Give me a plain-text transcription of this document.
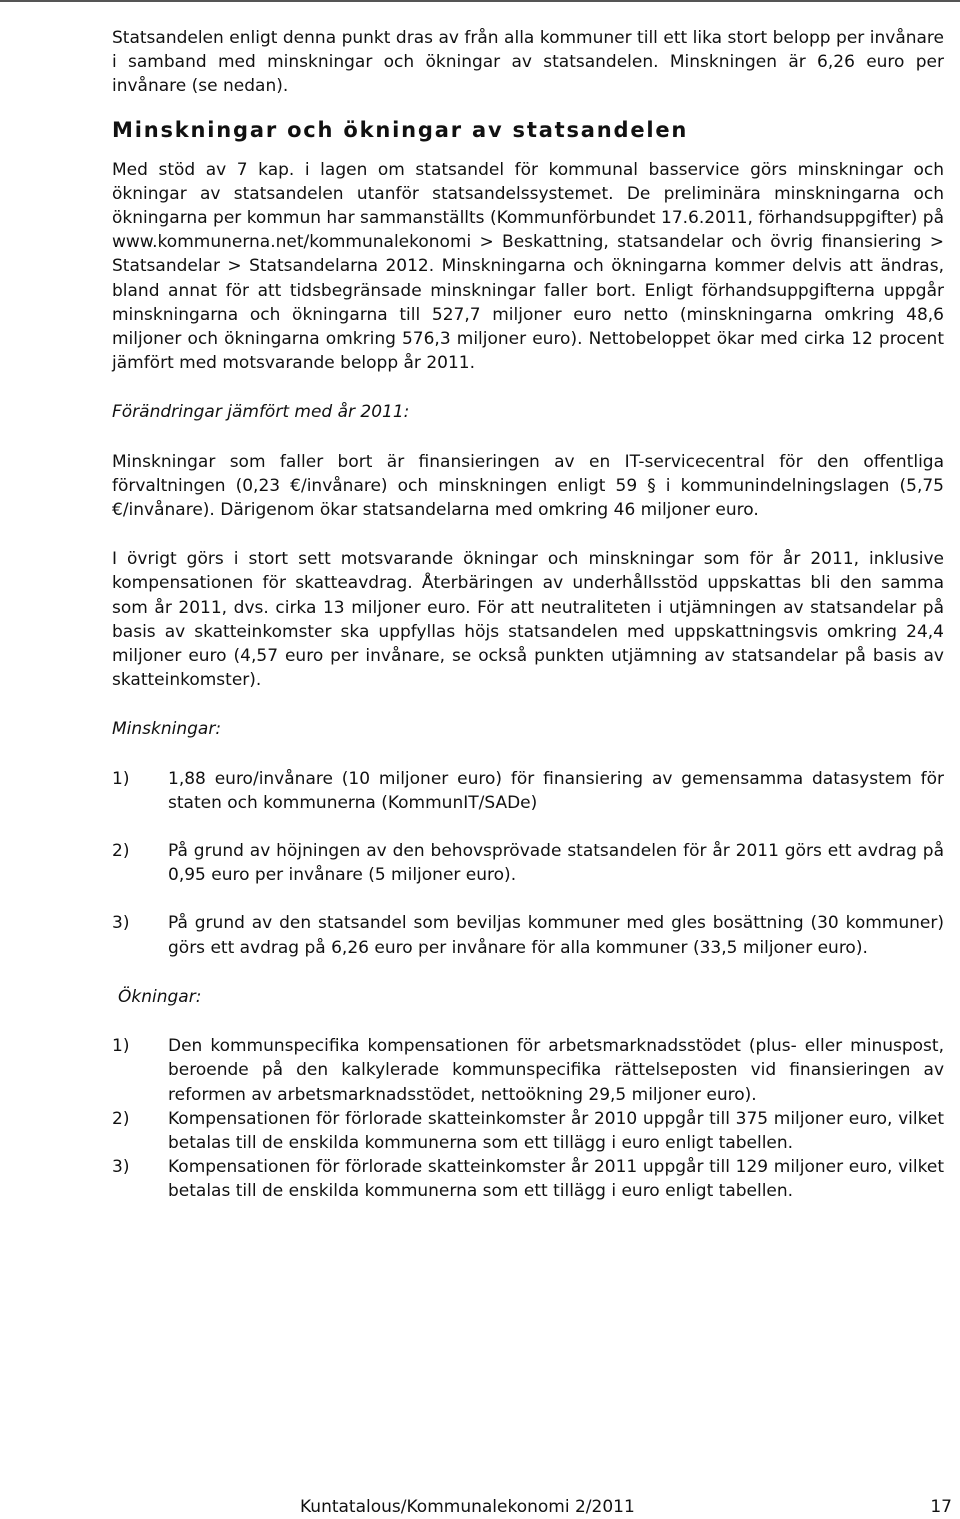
Statsandelen enligt denna punkt dras av från alla kommuner till ett lika stort belopp per invånare i samband med minskningar och ökningar av statsandelen. Minskningen är 6,26 euro per invånare (se nedan).

Minskningar och ökningar av statsandelen

Med stöd av 7 kap. i lagen om statsandel för kommunal basservice görs minskningar och ökningar av statsandelen utanför statsandelssystemet. De preliminära minskningarna och ökningarna per kommun har sammanställts (Kommunförbundet 17.6.2011, förhandsuppgifter) på www.kommunerna.net/kommunalekonomi > Beskattning, statsandelar och övrig finansiering > Statsandelar > Statsandelarna 2012. Minskningarna och ökningarna kommer delvis att ändras, bland annat för att tidsbegränsade minskningar faller bort. Enligt förhandsuppgifterna uppgår minskningarna och ökningarna till 527,7 miljoner euro netto (minskningarna omkring 48,6 miljoner och ökningarna omkring 576,3 miljoner euro). Nettobeloppet ökar med cirka 12 procent jämfört med motsvarande belopp år 2011.

Förändringar jämfört med år 2011:

Minskningar som faller bort är finansieringen av en IT-servicecentral för den offentliga förvaltningen (0,23 €/invånare) och minskningen enligt 59 § i kommunindelningslagen (5,75 €/invånare). Därigenom ökar statsandelarna med omkring 46 miljoner euro.

I övrigt görs i stort sett motsvarande ökningar och minskningar som för år 2011, inklusive kompensationen för skatteavdrag. Återbäringen av underhållsstöd uppskattas bli den samma som år 2011, dvs. cirka 13 miljoner euro. För att neutraliteten i utjämningen av statsandelar på basis av skatteinkomster ska uppfyllas höjs statsandelen med uppskattningsvis omkring 24,4 miljoner euro (4,57 euro per invånare, se också punkten utjämning av statsandelar på basis av skatteinkomster).

Minskningar:

1)	1,88 euro/invånare (10 miljoner euro) för finansiering av gemensamma datasystem för staten och kommunerna (KommunIT/SADe)
2)	På grund av höjningen av den behovsprövade statsandelen för år 2011 görs ett avdrag på 0,95 euro per invånare (5 miljoner euro).
3)	På grund av den statsandel som beviljas kommuner med gles bosättning (30 kommuner) görs ett avdrag på 6,26 euro per invånare för alla kommuner (33,5 miljoner euro).

Ökningar:

1)	Den kommunspecifika kompensationen för arbetsmarknadsstödet (plus- eller minuspost, beroende på den kalkylerade kommunspecifika rättelseposten vid finansieringen av reformen av arbetsmarknadsstödet, nettoökning 29,5 miljoner euro).
2)	Kompensationen för förlorade skatteinkomster år 2010 uppgår till 375 miljoner euro, vilket betalas till de enskilda kommunerna som ett tillägg i euro enligt tabellen.
3)	Kompensationen för förlorade skatteinkomster år 2011 uppgår till 129 miljoner euro, vilket betalas till de enskilda kommunerna som ett tillägg i euro enligt tabellen.
Kuntatalous/Kommunalekonomi 2/2011	17
